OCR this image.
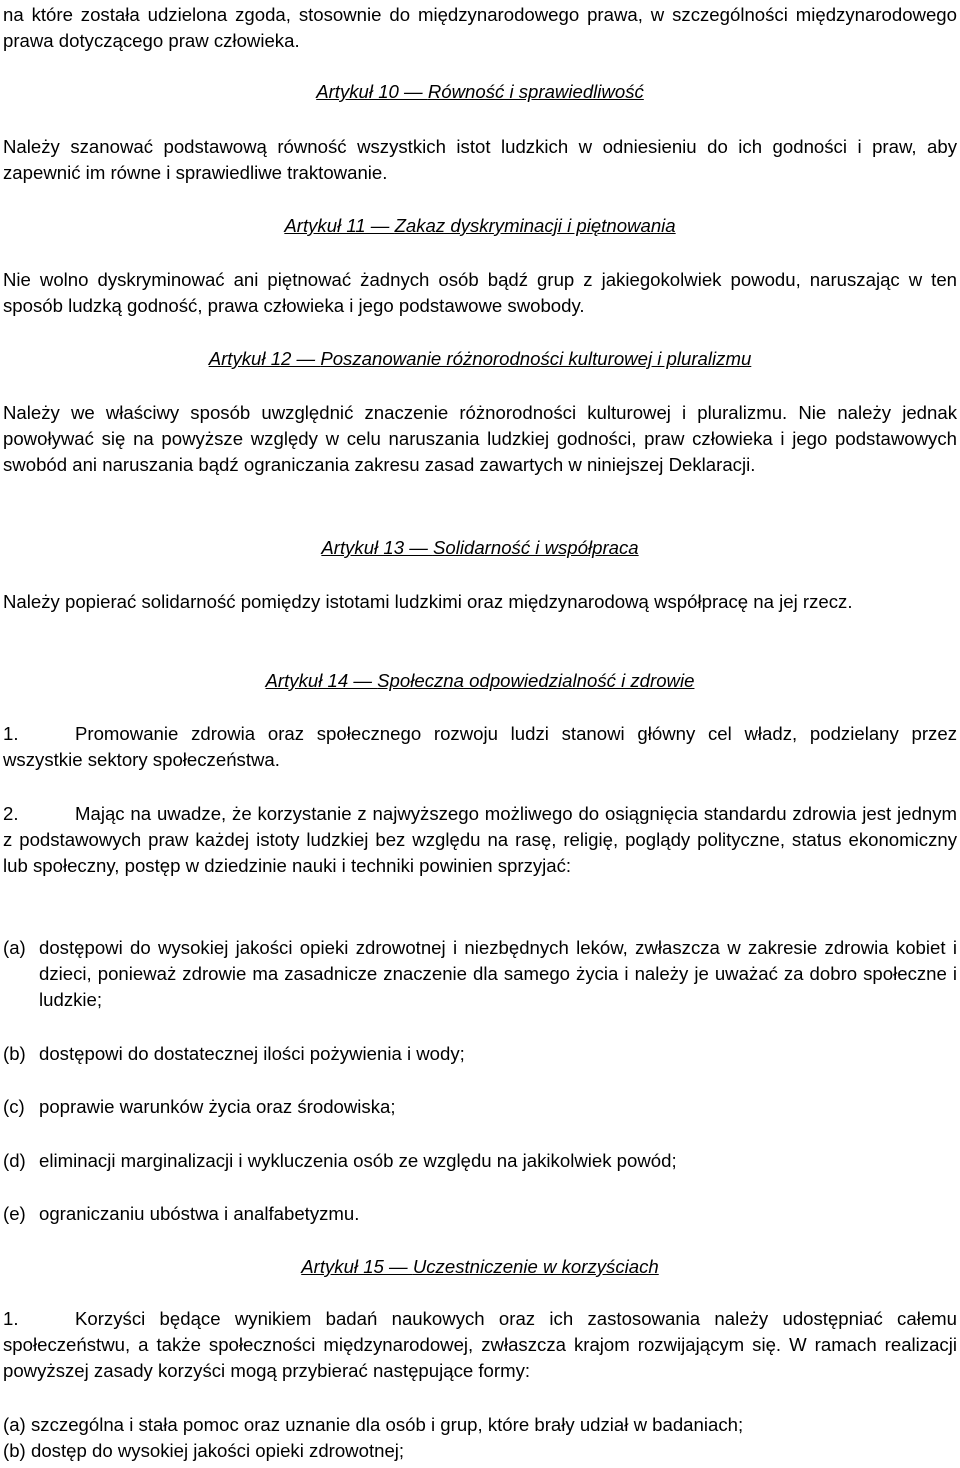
na które została udzielona zgoda, stosownie do międzynarodowego prawa, w szczególności międzynarodowego prawa dotyczącego praw człowieka.

Artykuł 10 — Równość i sprawiedliwość

Należy szanować podstawową równość wszystkich istot ludzkich w odniesieniu do ich godności i praw, aby zapewnić im równe i sprawiedliwe traktowanie.

Artykuł 11 — Zakaz dyskryminacji i piętnowania

Nie wolno dyskryminować ani piętnować żadnych osób bądź grup z jakiegokolwiek powodu, naruszając w ten sposób ludzką godność, prawa człowieka i jego podstawowe swobody.

Artykuł 12 — Poszanowanie różnorodności kulturowej i pluralizmu

Należy we właściwy sposób uwzględnić znaczenie różnorodności kulturowej i pluralizmu. Nie należy jednak powoływać się na powyższe względy w celu naruszania ludzkiej godności, praw człowieka i jego podstawowych swobód ani naruszania bądź ograniczania zakresu zasad zawartych w niniejszej Deklaracji.

Artykuł 13 — Solidarność i współpraca

Należy popierać solidarność pomiędzy istotami ludzkimi oraz międzynarodową współpracę na jej rzecz.

Artykuł 14 — Społeczna odpowiedzialność i zdrowie

1.	Promowanie zdrowia oraz społecznego rozwoju ludzi stanowi główny cel władz, podzielany przez wszystkie sektory społeczeństwa.

2.	Mając na uwadze, że korzystanie z najwyższego możliwego do osiągnięcia standardu zdrowia jest jednym z podstawowych praw każdej istoty ludzkiej bez względu na rasę, religię, poglądy polityczne, status ekonomiczny lub społeczny, postęp w dziedzinie nauki i techniki powinien sprzyjać:

(a) dostępowi do wysokiej jakości opieki zdrowotnej i niezbędnych leków, zwłaszcza w zakresie zdrowia kobiet i dzieci, ponieważ zdrowie ma zasadnicze znaczenie dla samego życia i należy je uważać za dobro społeczne i ludzkie;
(b) dostępowi do dostatecznej ilości pożywienia i wody;
(c) poprawie warunków życia oraz środowiska;
(d) eliminacji marginalizacji i wykluczenia osób ze względu na jakikolwiek powód;
(e) ograniczaniu ubóstwa i analfabetyzmu.

Artykuł 15 — Uczestniczenie w korzyściach

1.	Korzyści będące wynikiem badań naukowych oraz ich zastosowania należy udostępniać całemu społeczeństwu, a także społeczności międzynarodowej, zwłaszcza krajom rozwijającym się. W ramach realizacji powyższej zasady korzyści mogą przybierać następujące formy:

(a) szczególna i stała pomoc oraz uznanie dla osób i grup, które brały udział w badaniach;
(b) dostęp do wysokiej jakości opieki zdrowotnej;
